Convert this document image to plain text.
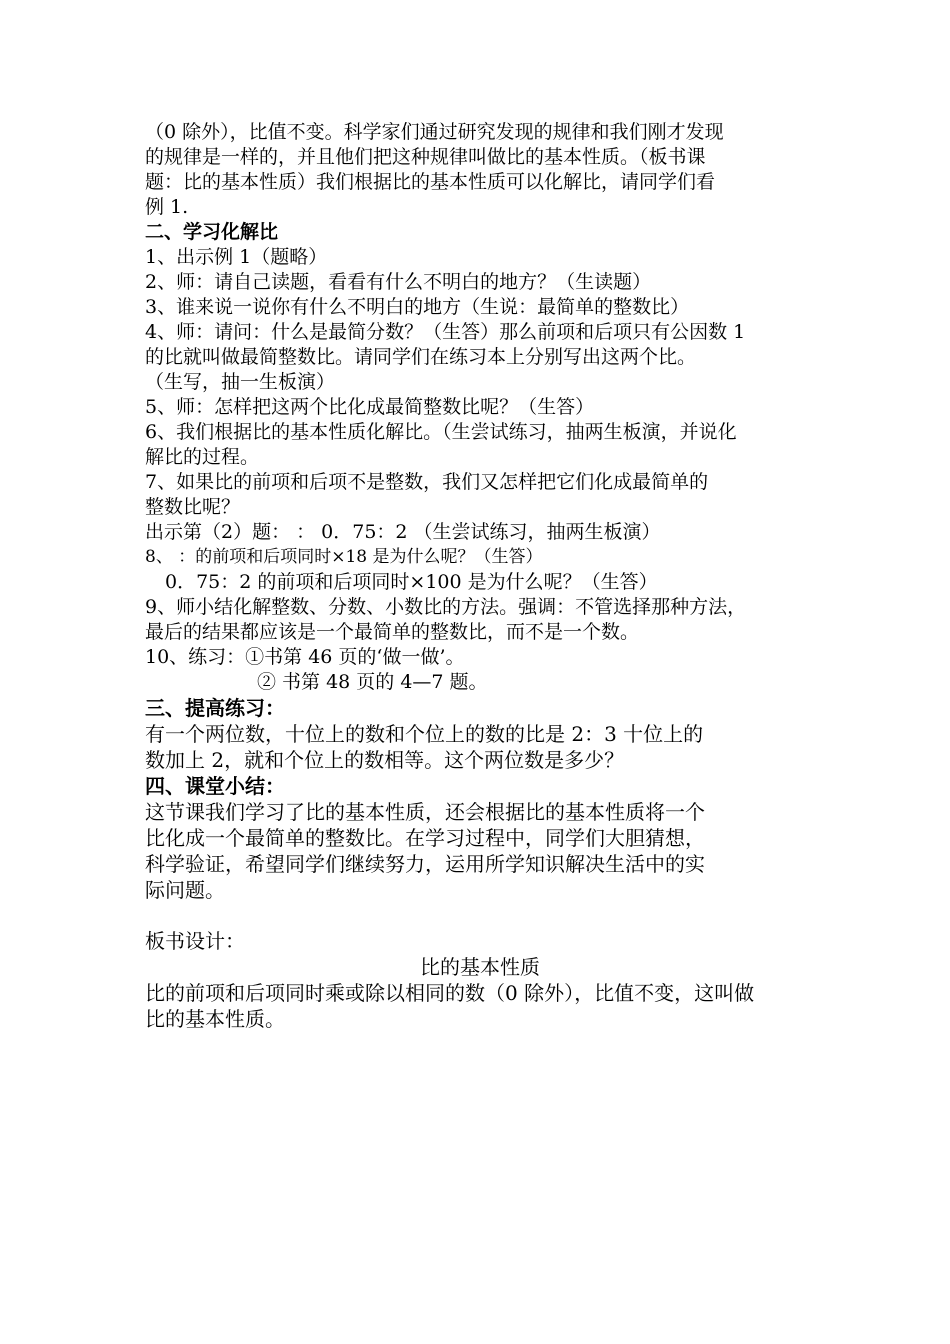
（0 除外），比值不变。科学家们通过研究发现的规律和我们刚才发现
的规律是一样的，并且他们把这种规律叫做比的基本性质。（板书课
题：比的基本性质）我们根据比的基本性质可以化解比，请同学们看
例 1.
二、学习化解比
1、出示例 1（题略）
2、师：请自己读题，看看有什么不明白的地方？（生读题）
3、谁来说一说你有什么不明白的地方（生说：最简单的整数比）
4、师：请问：什么是最简分数？（生答）那么前项和后项只有公因数 1
的比就叫做最简整数比。请同学们在练习本上分别写出这两个比。
（生写，抽一生板演）
5、师：怎样把这两个比化成最简整数比呢？（生答）
6、我们根据比的基本性质化解比。（生尝试练习，抽两生板演，并说化
解比的过程。
7、如果比的前项和后项不是整数，我们又怎样把它们化成最简单的
整数比呢？
出示第（2）题： ： 0．75：2 （生尝试练习，抽两生板演）
8、 ：的前项和后项同时×18 是为什么呢？（生答）
0．75：2 的前项和后项同时×100 是为什么呢？（生答）
9、师小结化解整数、分数、小数比的方法。强调：不管选择那种方法，
最后的结果都应该是一个最简单的整数比，而不是一个数。
10、练习：①书第 46 页的‘做一做’。
② 书第 48 页的 4—7 题。
三、提高练习：
有一个两位数，十位上的数和个位上的数的比是 2：3 十位上的
数加上 2，就和个位上的数相等。这个两位数是多少？
四、课堂小结：
这节课我们学习了比的基本性质，还会根据比的基本性质将一个
比化成一个最简单的整数比。在学习过程中，同学们大胆猜想，
科学验证，希望同学们继续努力，运用所学知识解决生活中的实
际问题。
板书设计：
比的基本性质
比的前项和后项同时乘或除以相同的数（0 除外），比值不变，这叫做
比的基本性质。
